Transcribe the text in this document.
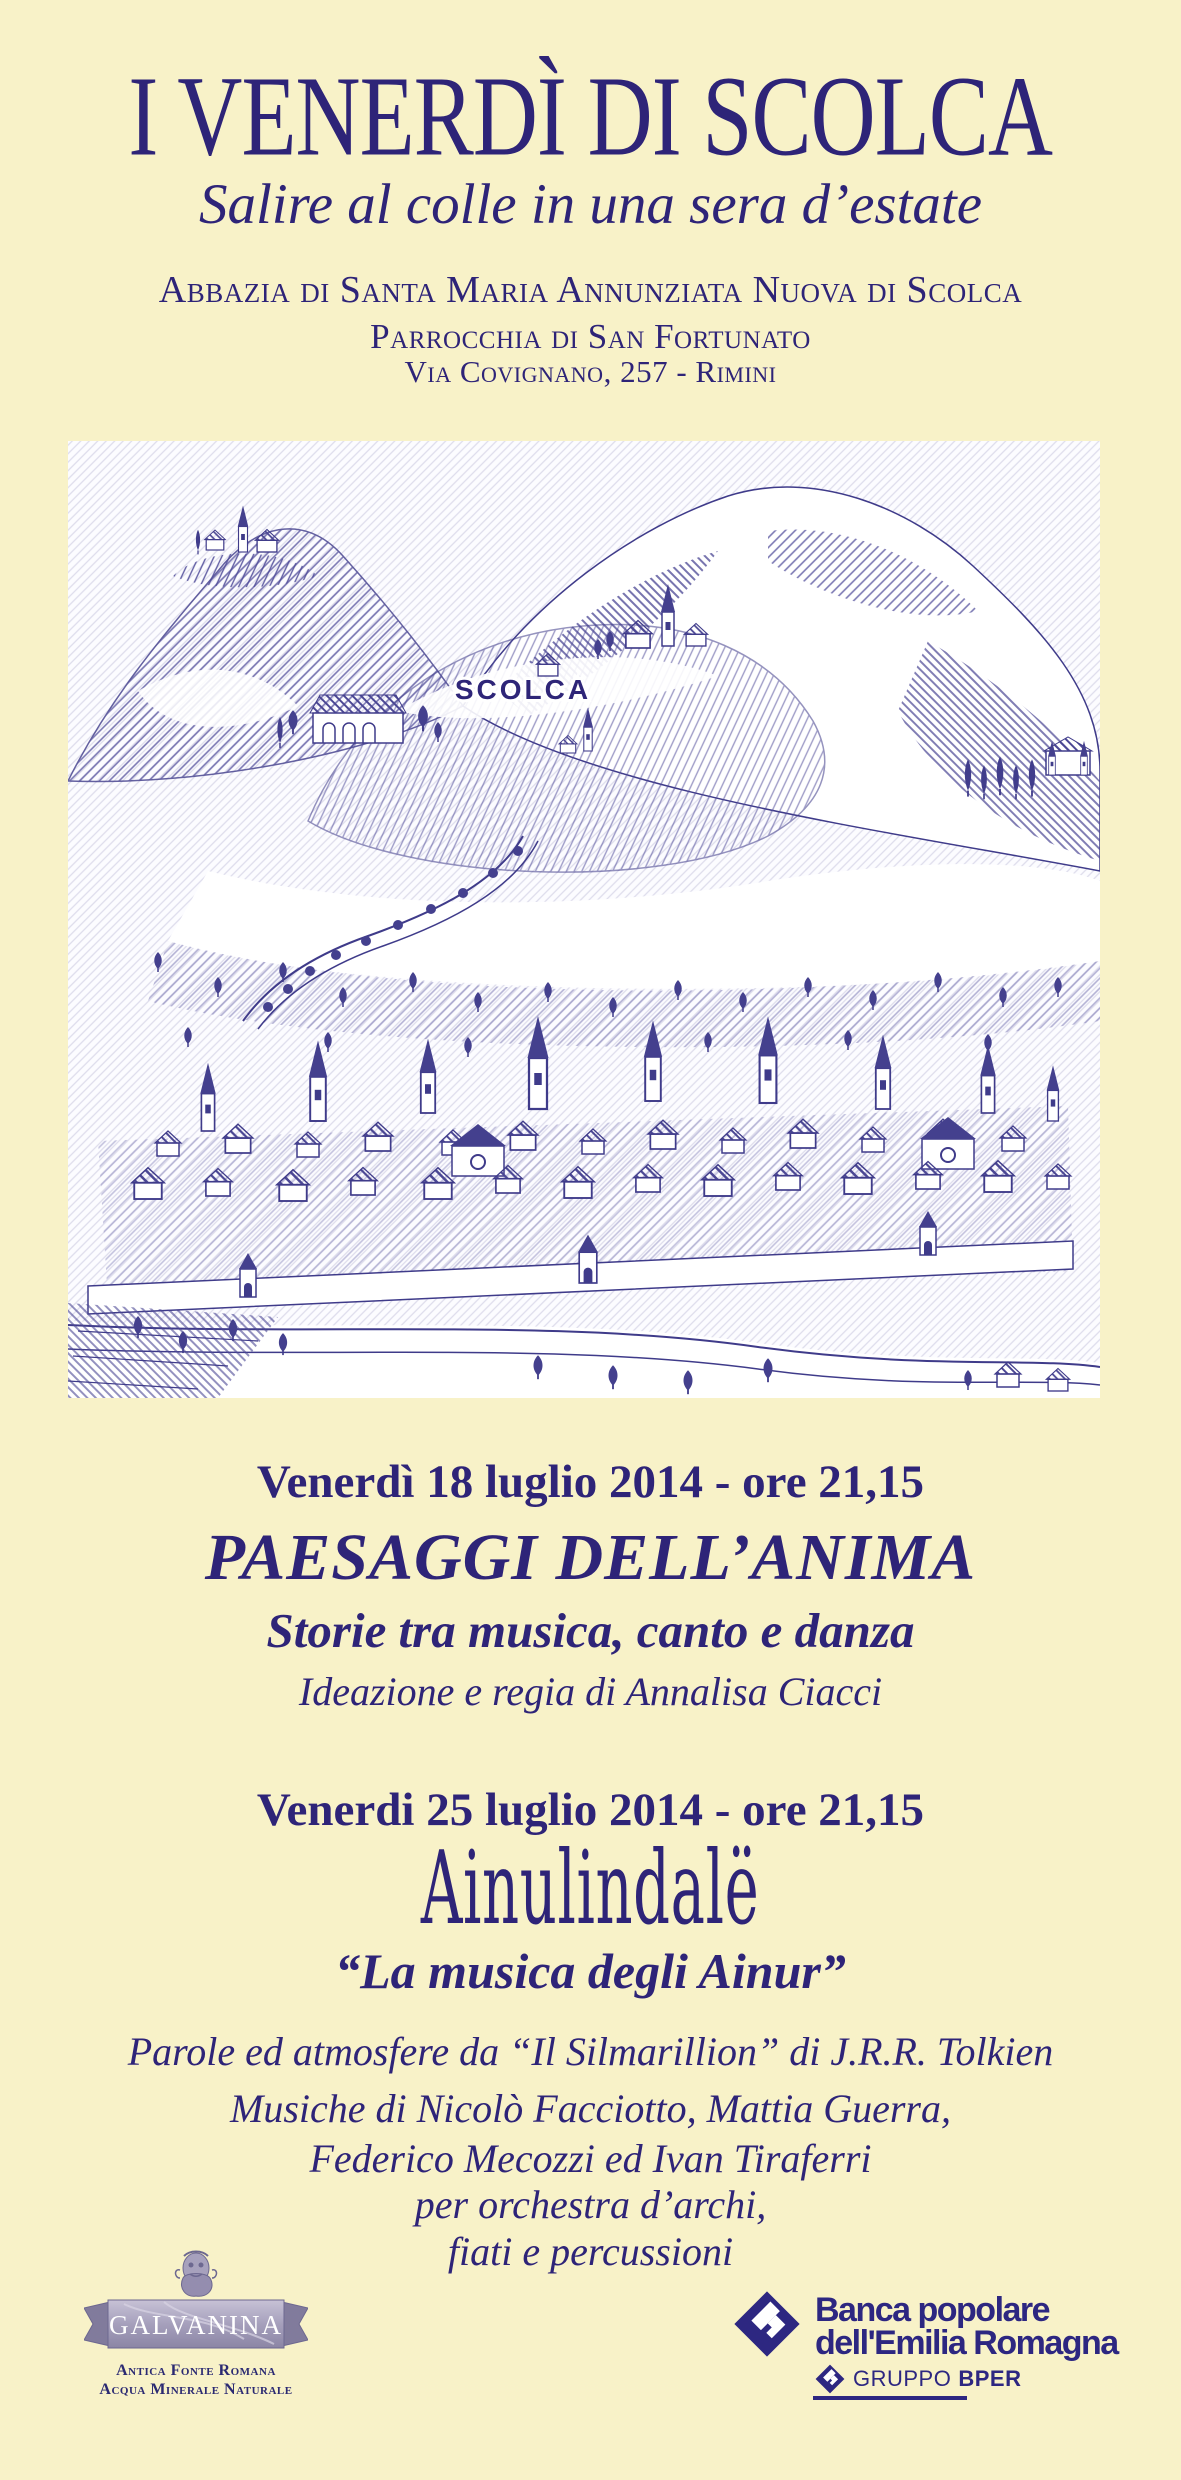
I VENERDÌ DI SCOLCA
Salire al colle in una sera d’estate
Abbazia di Santa Maria Annunziata Nuova di Scolca
Parrocchia di San Fortunato
Via Covignano, 257 - Rimini
SCOLCA
Venerdì 18 luglio 2014 - ore 21,15
PAESAGGI DELL’ANIMA
Storie tra musica, canto e danza
Ideazione e regia di Annalisa Ciacci
Venerdi 25 luglio 2014 - ore 21,15
Ainulindalë
“La musica degli Ainur”
Parole ed atmosfere da “Il Silmarillion” di J.R.R. Tolkien
Musiche di Nicolò Facciotto, Mattia Guerra,
Federico Mecozzi ed Ivan Tiraferri
per orchestra d’archi,
fiati e percussioni
GALVANINA
Antica Fonte Romana
Acqua Minerale Naturale
Banca popolare
dell'Emilia Romagna
GRUPPO BPER
